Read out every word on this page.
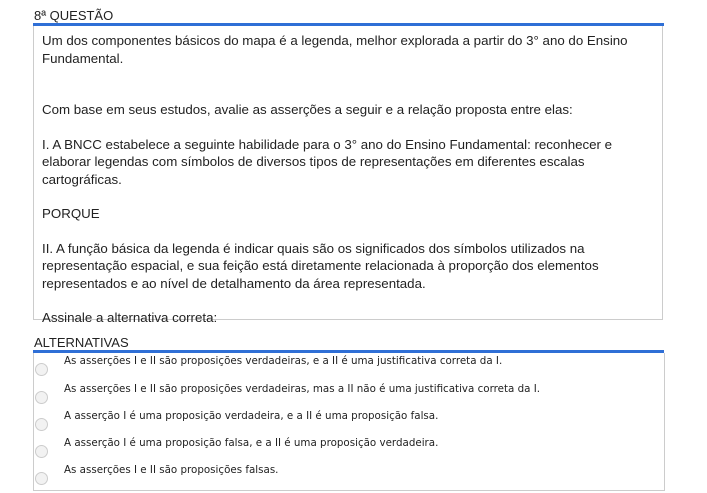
8ª QUESTÃO

Um dos componentes básicos do mapa é a legenda, melhor explorada a partir do 3° ano do Ensino Fundamental.

Com base em seus estudos, avalie as asserções a seguir e a relação proposta entre elas:

I. A BNCC estabelece a seguinte habilidade para o 3° ano do Ensino Fundamental: reconhecer e elaborar legendas com símbolos de diversos tipos de representações em diferentes escalas cartográficas.

PORQUE

II. A função básica da legenda é indicar quais são os significados dos símbolos utilizados na representação espacial, e sua feição está diretamente relacionada à proporção dos elementos representados e ao nível de detalhamento da área representada.

Assinale a alternativa correta:

ALTERNATIVAS
As asserções I e II são proposições verdadeiras, e a II é uma justificativa correta da I.
As asserções I e II são proposições verdadeiras, mas a II não é uma justificativa correta da I.
A asserção I é uma proposição verdadeira, e a II é uma proposição falsa.
A asserção I é uma proposição falsa, e a II é uma proposição verdadeira.
As asserções I e II são proposições falsas.
